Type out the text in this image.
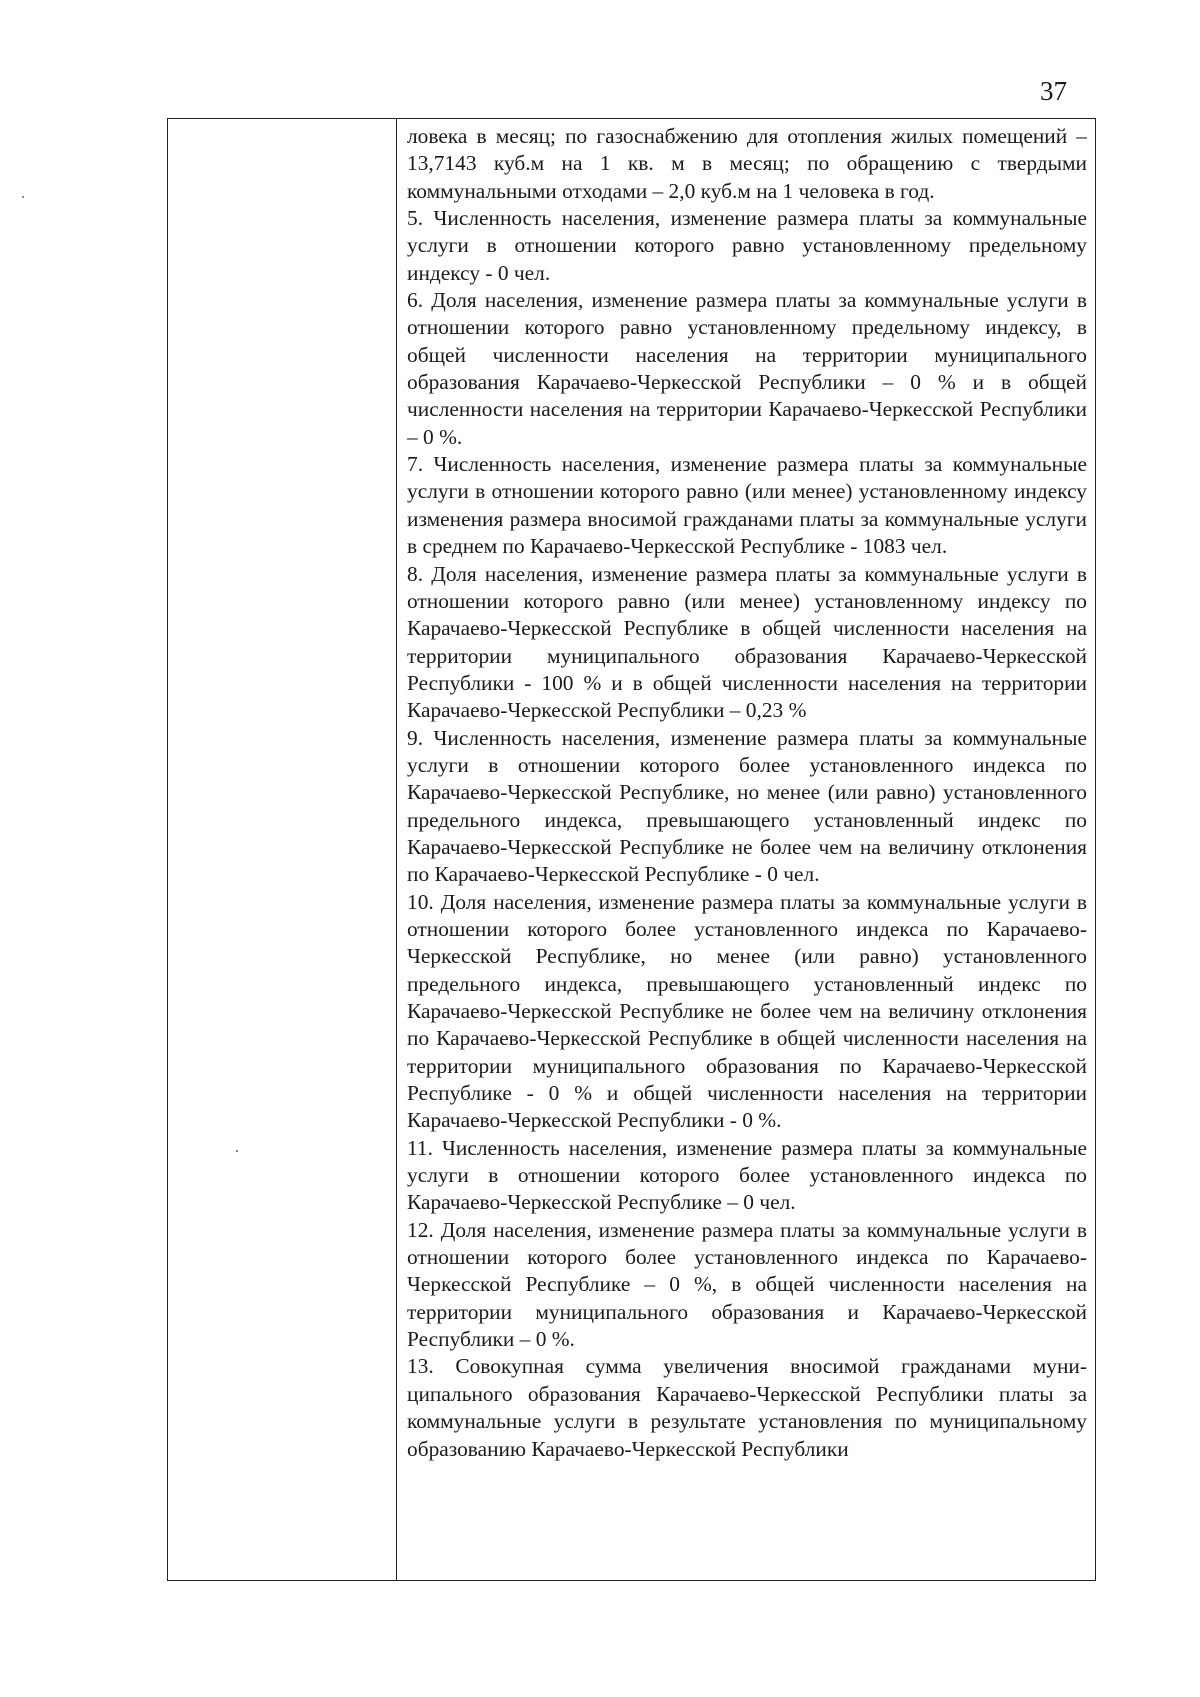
37

ловека в месяц; по газоснабжению для отопления жилых помещений – 13,7143 куб.м на 1 кв. м в месяц; по обращению с твердыми коммунальными отходами – 2,0 куб.м на 1 человека в год.

5. Численность населения, изменение размера платы за коммунальные услуги в отношении которого равно установленному предельному индексу - 0 чел.

6. Доля населения, изменение размера платы за коммунальные услуги в отношении которого равно установленному предельному индексу, в общей численности населения на территории муниципального образования Карачаево-Черкесской Республики – 0 % и в общей численности населения на территории Карачаево-Черкесской Республики – 0 %.

7. Численность населения, изменение размера платы за коммунальные услуги в отношении которого равно (или менее) установленному индексу изменения размера вносимой гражданами платы за коммунальные услуги в среднем по Карачаево-Черкесской Республике - 1083 чел.

8. Доля населения, изменение размера платы за коммунальные услуги в отношении которого равно (или менее) установленному индексу по Карачаево-Черкесской Республике в общей численности населения на территории муниципального образования Карачаево-Черкесской Республики - 100 % и в общей численности населения на территории Карачаево-Черкесской Республики – 0,23 %

9. Численность населения, изменение размера платы за коммунальные услуги в отношении которого более установленного индекса по Карачаево-Черкесской Республике, но менее (или равно) установленного предельного индекса, превышающего установленный индекс по Карачаево-Черкесской Республике не более чем на величину отклонения по Карачаево-Черкесской Республике - 0 чел.

10. Доля населения, изменение размера платы за коммунальные услуги в отношении которого более установленного индекса по Карачаево-Черкесской Республике, но менее (или равно) установленного предельного индекса, превышающего установленный индекс по Карачаево-Черкесской Республике не более чем на величину отклонения по Карачаево-Черкесской Республике в общей численности населения на территории муниципального образования по Карачаево-Черкесской Республике - 0 % и общей численности населения на территории Карачаево-Черкесской Республики - 0 %.

11. Численность населения, изменение размера платы за коммунальные услуги в отношении которого более установленного индекса по Карачаево-Черкесской Республике – 0 чел.

12. Доля населения, изменение размера платы за коммунальные услуги в отношении которого более установленного индекса по Карачаево-Черкесской Республике – 0 %, в общей численности населения на территории муниципального образования и Карачаево-Черкесской Республики – 0 %.

13. Совокупная сумма увеличения вносимой гражданами муниципального образования Карачаево-Черкесской Республики платы за коммунальные услуги в результате установления по муниципальному образованию Карачаево-Черкесской Республики
